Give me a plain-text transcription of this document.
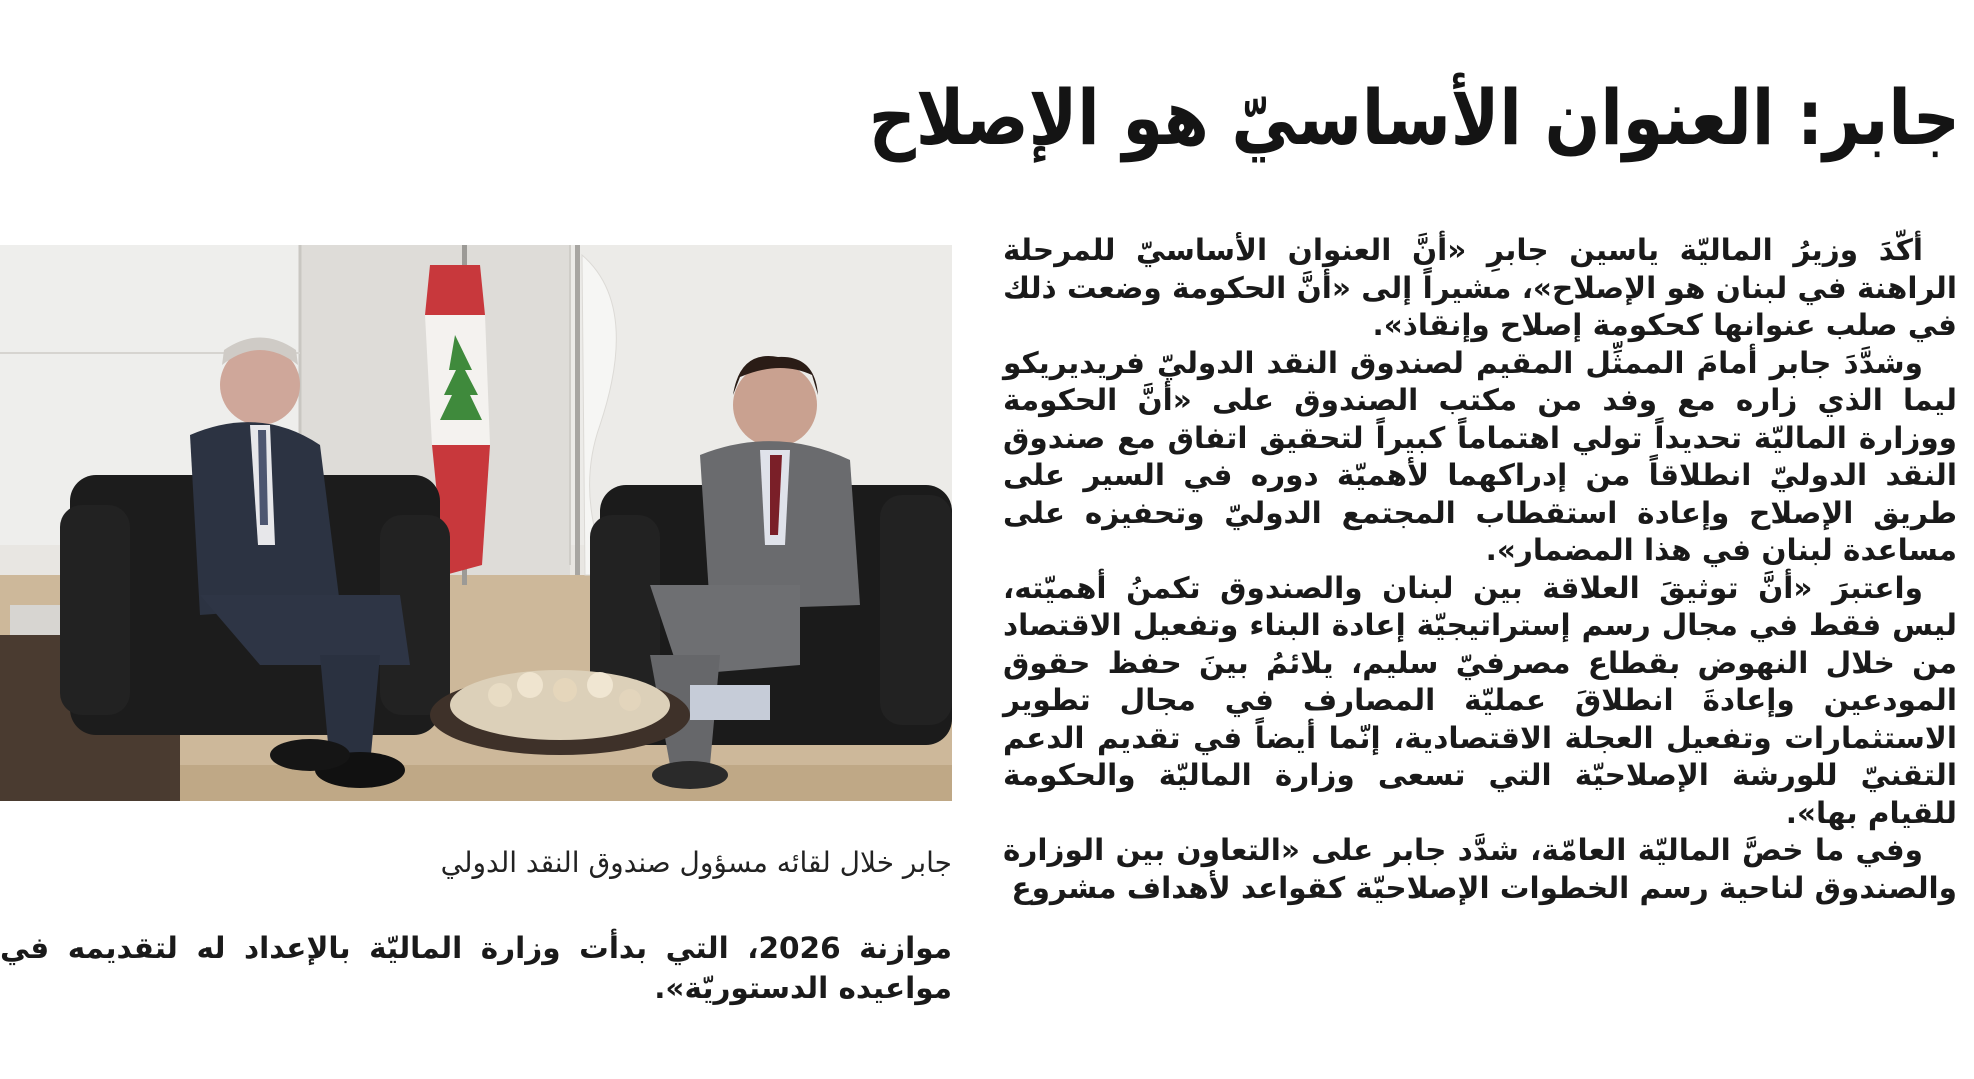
جابر: العنوان الأساسيّ هو الإصلاح

أكّدَ وزيرُ الماليّة ياسين جابرِ «أنَّ العنوان الأساسيّ للمرحلة الراهنة في لبنان هو الإصلاح»، مشيراً إلى «أنَّ الحكومة وضعت ذلك في صلب عنوانها كحكومة إصلاح وإنقاذ».

وشدَّدَ جابر أمامَ الممثِّل المقيم لصندوق النقد الدوليّ فريديريكو ليما الذي زاره مع وفد من مكتب الصندوق على «أنَّ الحكومة ووزارة الماليّة تحديداً تولي اهتماماً كبيراً لتحقيق اتفاق مع صندوق النقد الدوليّ انطلاقاً من إدراكهما لأهميّة دوره في السير على طريق الإصلاح وإعادة استقطاب المجتمع الدوليّ وتحفيزه على مساعدة لبنان في هذا المضمار».

واعتبرَ «أنَّ توثيقَ العلاقة بين لبنان والصندوق تكمنُ أهميّته، ليس فقط في مجال رسم إستراتيجيّة إعادة البناء وتفعيل الاقتصاد من خلال النهوض بقطاع مصرفيّ سليم، يلائمُ بينَ حفظ حقوق المودعين وإعادةَ انطلاقَ عمليّة المصارف في مجال تطوير الاستثمارات وتفعيل العجلة الاقتصادية، إنّما أيضاً في تقديم الدعم التقنيّ للورشة الإصلاحيّة التي تسعى وزارة الماليّة والحكومة للقيام بها».

وفي ما خصَّ الماليّة العامّة، شدَّد جابر على «التعاون بين الوزارة والصندوق لناحية رسم الخطوات الإصلاحيّة كقواعد لأهداف مشروع

جابر خلال لقائه مسؤول صندوق النقد الدولي

موازنة 2026، التي بدأت وزارة الماليّة بالإعداد له لتقديمه في مواعيده الدستوريّة».
